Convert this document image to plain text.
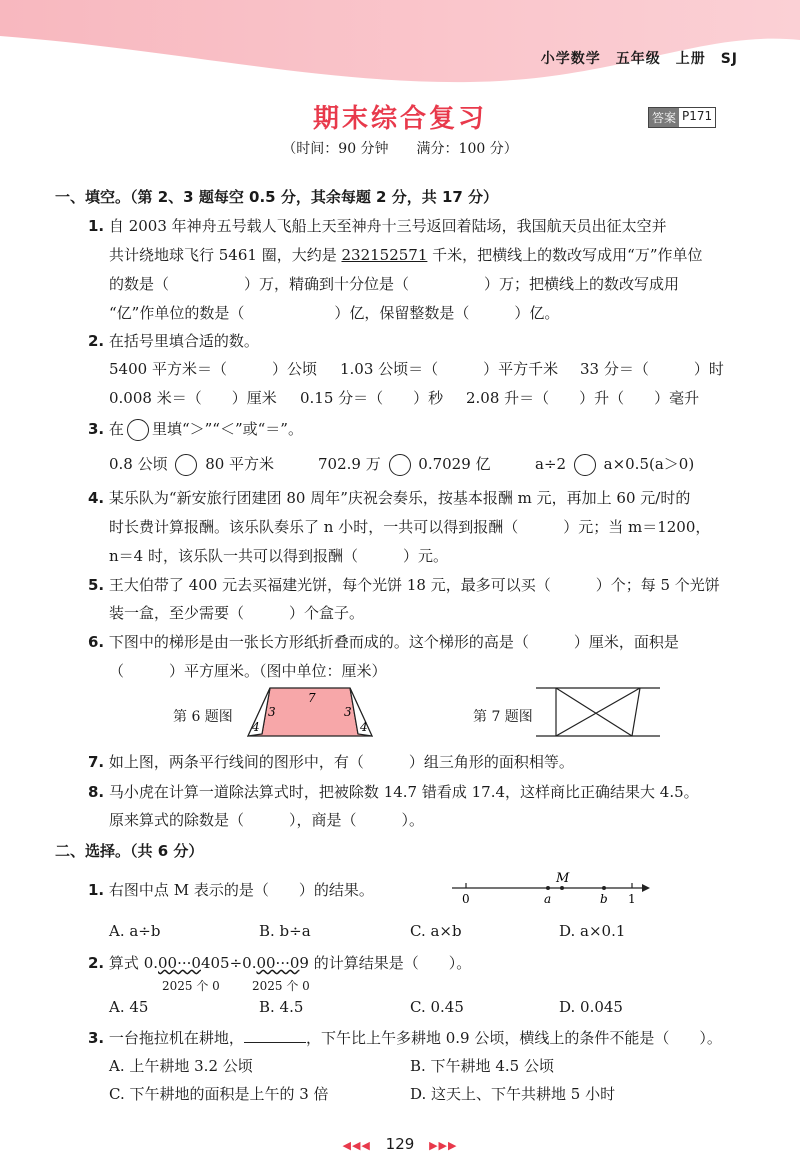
小学数学　五年级　上册　SJ
期末综合复习	答案 P171
（时间：90 分钟　　满分：100 分）
一、填空。（第 2、3 题每空 0.5 分，其余每题 2 分，共 17 分）
1. 自 2003 年神舟五号载人飞船上天至神舟十三号返回着陆场，我国航天员出征太空并
共计绕地球飞行 5461 圈，大约是 232152571 千米，把横线上的数改写成用“万”作单位
的数是（　　　　　）万，精确到十分位是（　　　　　）万；把横线上的数改写成用
“亿”作单位的数是（　　　　　　）亿，保留整数是（　　　）亿。
2. 在括号里填合适的数。
5400 平方米＝（　　　）公顷 1.03 公顷＝（　　　）平方千米 33 分＝（　　　）时
0.008 米＝（　　）厘米 0.15 分＝（　　）秒 2.08 升＝（　　）升（　　）毫升
3. 在 里填“＞”“＜”或“＝”。
0.8 公顷	80 平方米	702.9 万	0.7029 亿	a÷2	a×0.5(a＞0)
4. 某乐队为“新安旅行团建团 80 周年”庆祝会奏乐，按基本报酬 m 元，再加上 60 元/时的
时长费计算报酬。该乐队奏乐了 n 小时，一共可以得到报酬（　　　）元；当 m＝1200，
n＝4 时，该乐队一共可以得到报酬（　　　）元。
5. 王大伯带了 400 元去买福建光饼，每个光饼 18 元，最多可以买（　　　）个；每 5 个光饼
装一盒，至少需要（　　　）个盒子。
6. 下图中的梯形是由一张长方形纸折叠而成的。这个梯形的高是（　　　）厘米，面积是
（　　　）平方厘米。（图中单位：厘米）
第 6 题图
7
3	3
4	4
第 7 题图
7. 如上图，两条平行线间的图形中，有（　　　）组三角形的面积相等。
8. 马小虎在计算一道除法算式时，把被除数 14.7 错看成 17.4，这样商比正确结果大 4.5。
原来算式的除数是（　　　），商是（　　　）。
二、选择。（共 6 分）
1. 右图中点 M 表示的是（　　）的结果。	0	a
M
b 1
A. a÷b	B. b÷a	C. a×b	D. a×0.1
2. 算式 0.00···0405÷0.00···09 的计算结果是（　　）。
2025 个 0	2025 个 0
A. 45	B. 4.5	C. 0.45	D. 0.045
3. 一台拖拉机在耕地，	，下午比上午多耕地 0.9 公顷，横线上的条件不能是（　　）。
A. 上午耕地 3.2 公顷	B. 下午耕地 4.5 公顷
C. 下午耕地的面积是上午的 3 倍	D. 这天上、下午共耕地 5 小时
◀◀◀ 129 ▶▶▶
